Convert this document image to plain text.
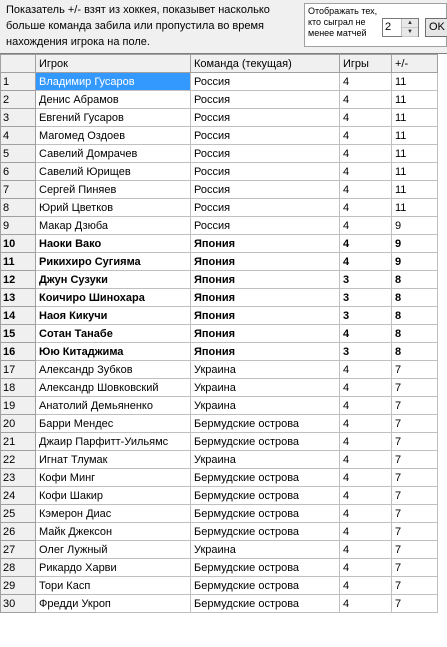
Показатель +/- взят из хоккея, показывет насколько больше команда забила или пропустила во время нахождения игрока на поле.
Отображать тех, кто сыграл не менее матчей	2	▲
▼	OK
	Игрок	Команда (текущая)	Игры	+/-
1	Владимир Гусаров	Россия	4	11
2	Денис Абрамов	Россия	4	11
3	Евгений Гусаров	Россия	4	11
4	Магомед Оздоев	Россия	4	11
5	Савелий Домрачев	Россия	4	11
6	Савелий Юрищев	Россия	4	11
7	Сергей Пиняев	Россия	4	11
8	Юрий Цветков	Россия	4	11
9	Макар Дзюба	Россия	4	9
10	Наоки Вако	Япония	4	9
11	Рикихиро Сугияма	Япония	4	9
12	Джун Сузуки	Япония	3	8
13	Коичиро Шинохара	Япония	3	8
14	Наоя Кикучи	Япония	3	8
15	Сотан Танабе	Япония	4	8
16	Юю Китаджима	Япония	3	8
17	Александр Зубков	Украина	4	7
18	Александр Шовковский	Украина	4	7
19	Анатолий Демьяненко	Украина	4	7
20	Барри Мендес	Бермудские острова	4	7
21	Джаир Парфитт-Уильямс	Бермудские острова	4	7
22	Игнат Тлумак	Украина	4	7
23	Кофи Минг	Бермудские острова	4	7
24	Кофи Шакир	Бермудские острова	4	7
25	Кэмерон Диас	Бермудские острова	4	7
26	Майк Джексон	Бермудские острова	4	7
27	Олег Лужный	Украина	4	7
28	Рикардо Харви	Бермудские острова	4	7
29	Тори Касп	Бермудские острова	4	7
30	Фредди Укроп	Бермудские острова	4	7
